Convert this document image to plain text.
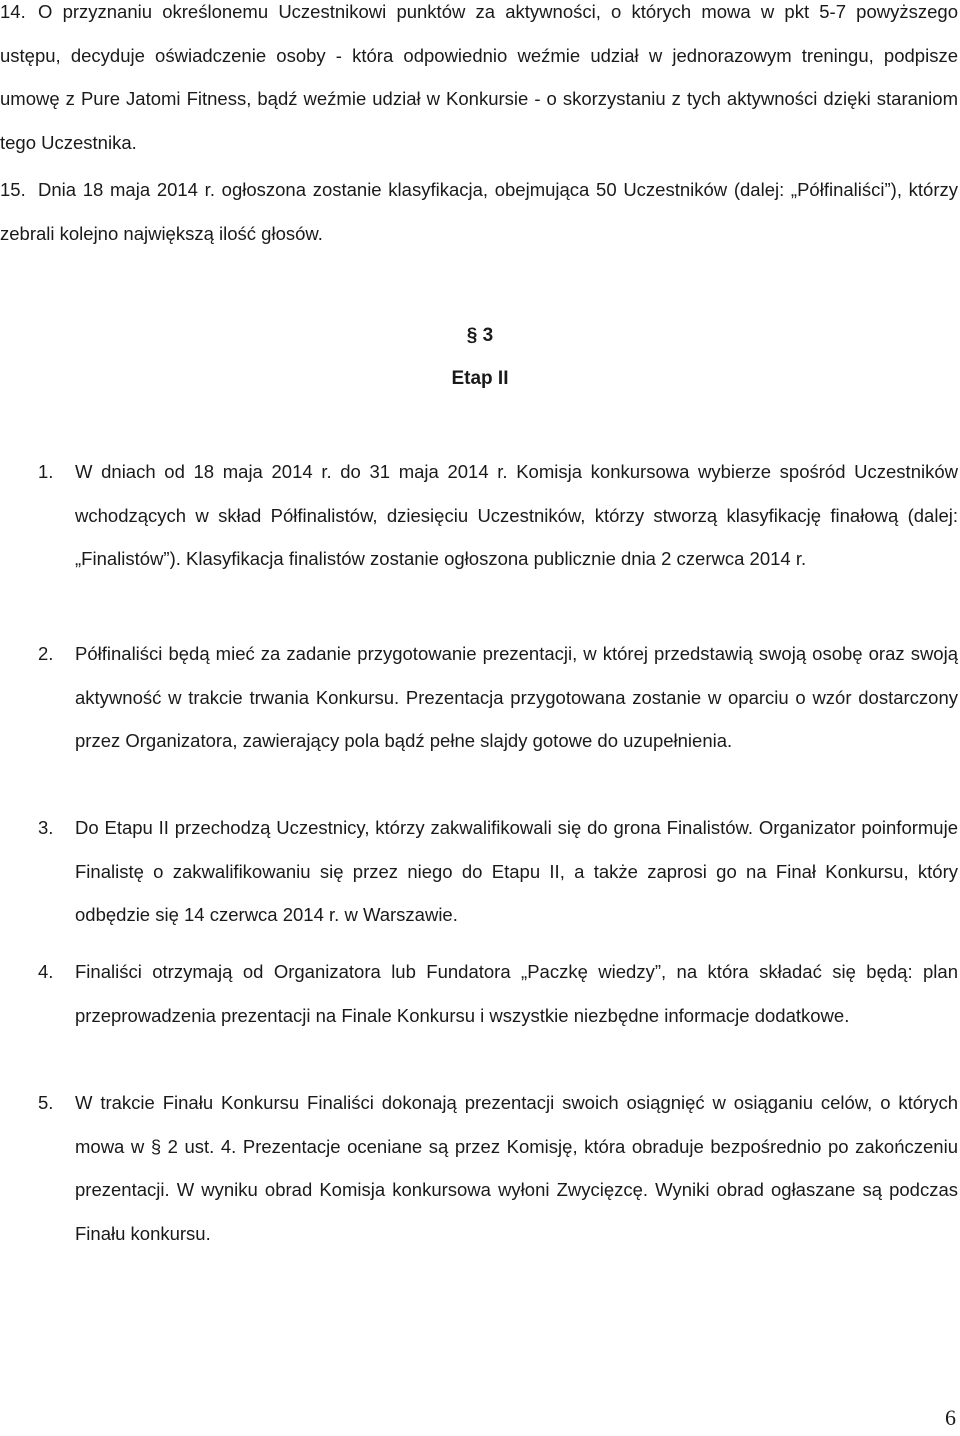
14. O przyznaniu określonemu Uczestnikowi punktów za aktywności, o których mowa w pkt 5-7 powyższego ustępu, decyduje oświadczenie osoby - która odpowiednio weźmie udział w jednorazowym treningu, podpisze umowę z Pure Jatomi Fitness, bądź weźmie udział w Konkursie - o skorzystaniu z tych aktywności dzięki staraniom tego Uczestnika.
15. Dnia 18 maja 2014 r. ogłoszona zostanie klasyfikacja, obejmująca 50 Uczestników (dalej: „Półfinaliści”), którzy zebrali kolejno największą ilość głosów.
§ 3
Etap II
1. W dniach od 18 maja 2014 r. do 31 maja 2014 r. Komisja konkursowa wybierze spośród Uczestników wchodzących w skład Półfinalistów, dziesięciu Uczestników, którzy stworzą klasyfikację finałową (dalej: „Finalistów”). Klasyfikacja finalistów zostanie ogłoszona publicznie dnia 2 czerwca 2014 r.
2. Półfinaliści będą mieć za zadanie przygotowanie prezentacji, w której przedstawią swoją osobę oraz swoją aktywność w trakcie trwania Konkursu. Prezentacja przygotowana zostanie w oparciu o wzór dostarczony przez Organizatora, zawierający pola bądź pełne slajdy gotowe do uzupełnienia.
3. Do Etapu II przechodzą Uczestnicy, którzy zakwalifikowali się do grona Finalistów. Organizator poinformuje Finalistę o zakwalifikowaniu się przez niego do Etapu II, a także zaprosi go na Finał Konkursu, który odbędzie się 14 czerwca 2014 r. w Warszawie.
4. Finaliści otrzymają od Organizatora lub Fundatora „Paczkę wiedzy”, na która składać się będą: plan przeprowadzenia prezentacji na Finale Konkursu i wszystkie niezbędne informacje dodatkowe.
5. W trakcie Finału Konkursu Finaliści dokonają prezentacji swoich osiągnięć w osiąganiu celów, o których mowa w § 2 ust. 4. Prezentacje oceniane są przez Komisję, która obraduje bezpośrednio po zakończeniu prezentacji. W wyniku obrad Komisja konkursowa wyłoni Zwycięzcę. Wyniki obrad ogłaszane są podczas Finału konkursu.
6
